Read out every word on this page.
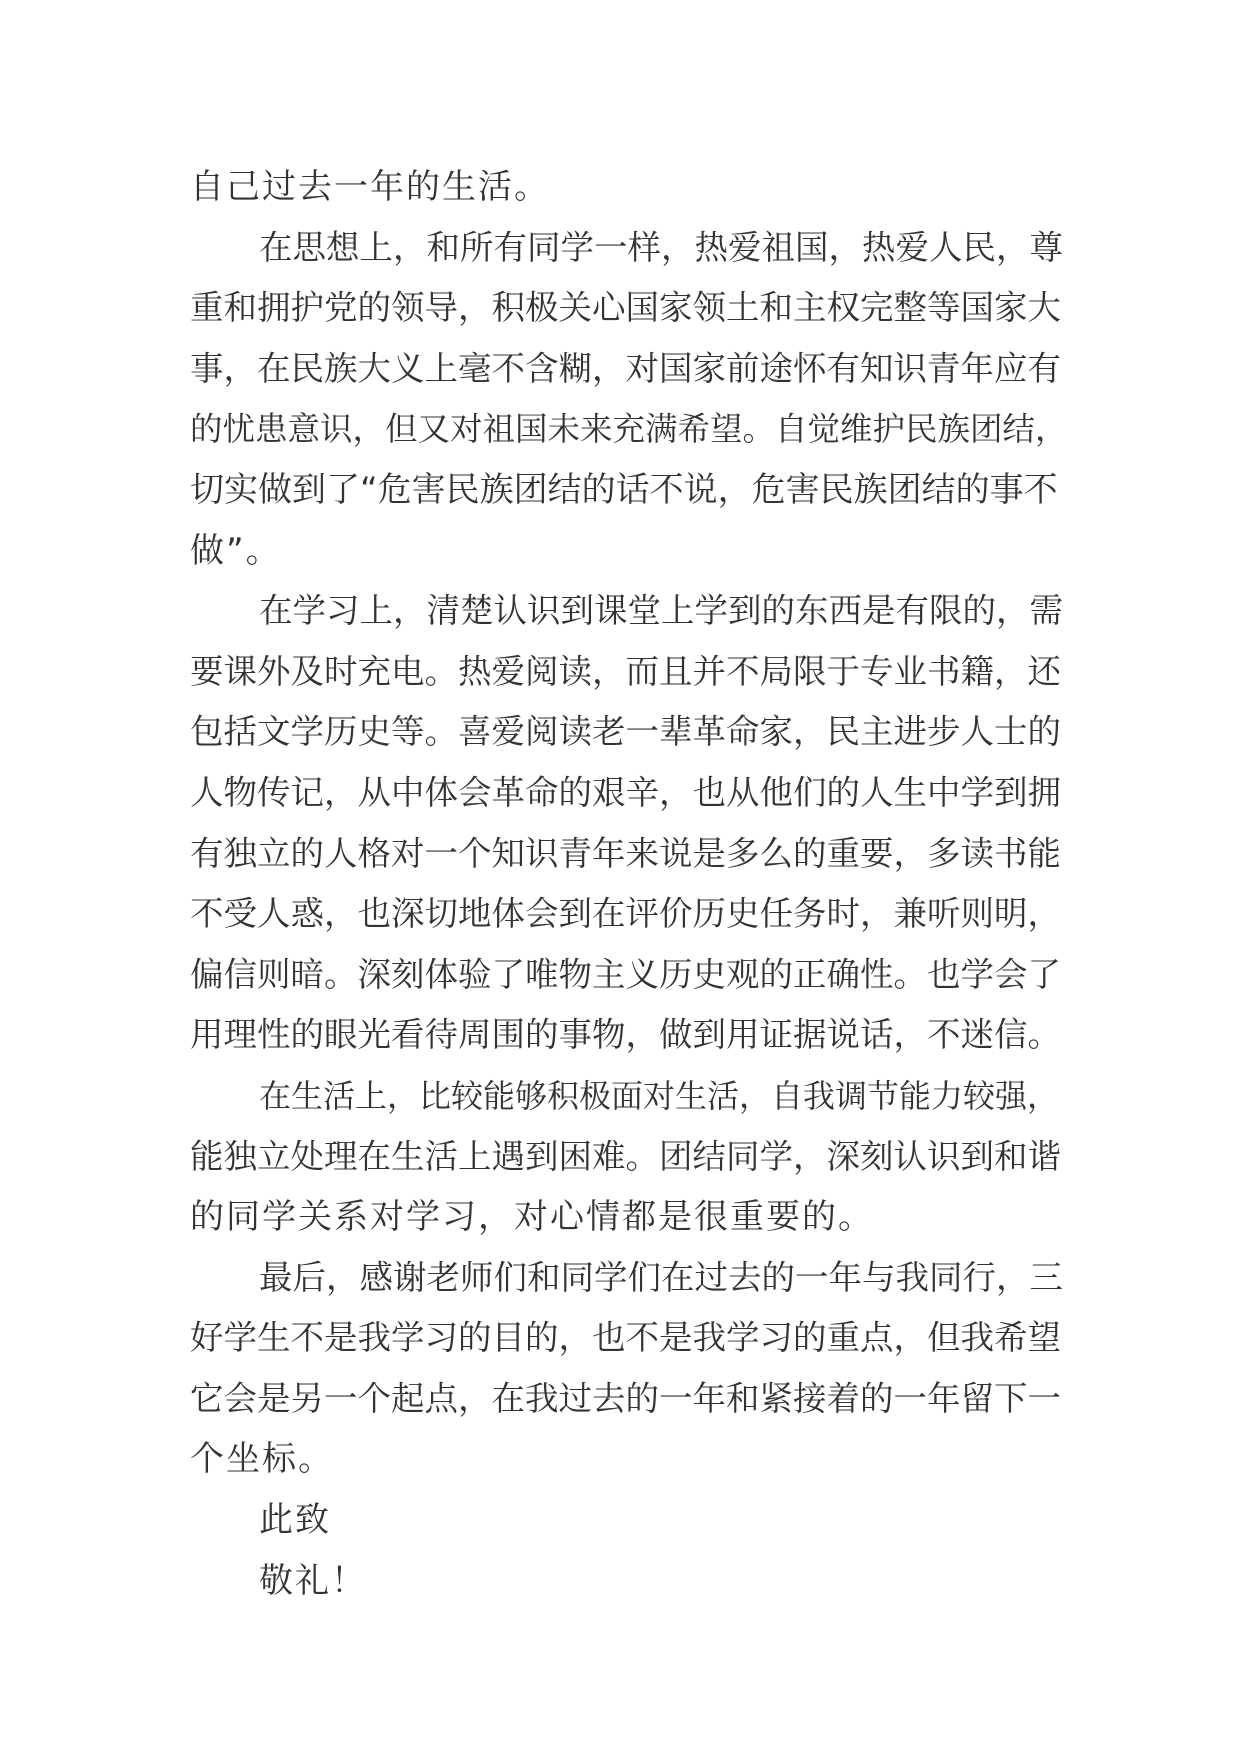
自己过去一年的生活。
在思想上，和所有同学一样，热爱祖国，热爱人民，尊
重和拥护党的领导，积极关心国家领土和主权完整等国家大
事，在民族大义上毫不含糊，对国家前途怀有知识青年应有
的忧患意识，但又对祖国未来充满希望。自觉维护民族团结，
切实做到了“危害民族团结的话不说，危害民族团结的事不
做”。
在学习上，清楚认识到课堂上学到的东西是有限的，需
要课外及时充电。热爱阅读，而且并不局限于专业书籍，还
包括文学历史等。喜爱阅读老一辈革命家，民主进步人士的
人物传记，从中体会革命的艰辛，也从他们的人生中学到拥
有独立的人格对一个知识青年来说是多么的重要，多读书能
不受人惑，也深切地体会到在评价历史任务时，兼听则明，
偏信则暗。深刻体验了唯物主义历史观的正确性。也学会了
用理性的眼光看待周围的事物，做到用证据说话，不迷信。
在生活上，比较能够积极面对生活，自我调节能力较强，
能独立处理在生活上遇到困难。团结同学，深刻认识到和谐
的同学关系对学习，对心情都是很重要的。
最后，感谢老师们和同学们在过去的一年与我同行，三
好学生不是我学习的目的，也不是我学习的重点，但我希望
它会是另一个起点，在我过去的一年和紧接着的一年留下一
个坐标。
此致
敬礼！
